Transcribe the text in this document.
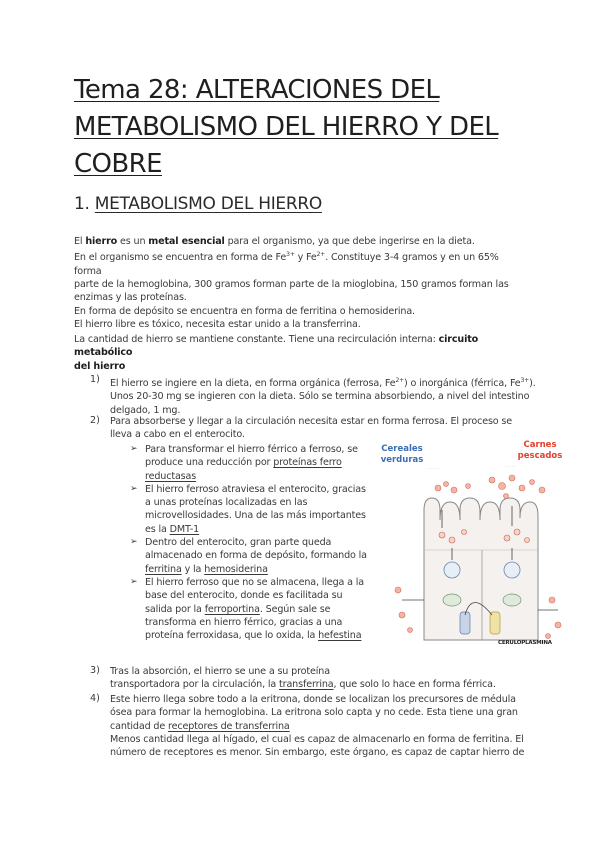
Tema 28: ALTERACIONES DEL METABOLISMO DEL HIERRO Y DEL COBRE
1. METABOLISMO DEL HIERRO
El hierro es un metal esencial para el organismo, ya que debe ingerirse en la dieta.
En el organismo se encuentra en forma de $Fe^{3+}$ y $Fe^{2+}$. Constituye 3-4 gramos y en un 65% forma
parte de la hemoglobina, 300 gramos forman parte de la mioglobina, 150 gramos forman las
enzimas y las proteínas.
En forma de depósito se encuentra en forma de ferritina o hemosiderina.
El hierro libre es tóxico, necesita estar unido a la transferrina.
La cantidad de hierro se mantiene constante. Tiene una recirculación interna: circuito metabólico
del hierro
1) El hierro se ingiere en la dieta, en forma orgánica (ferrosa, $Fe^{2+}$) o inorgánica (férrica, $Fe^{3+}$).
Unos 20-30 mg se ingieren con la dieta. Sólo se termina absorbiendo, a nivel del intestino
delgado, 1 mg.
2) Para absorberse y llegar a la circulación necesita estar en forma ferrosa. El proceso se
lleva a cabo en el enterocito.
➢ Para transformar el hierro férrico a ferroso, se produce una reducción por proteínas ferro reductasas
➢ El hierro ferroso atraviesa el enterocito, gracias a unas proteínas localizadas en las microvellosidades. Una de las más importantes es la DMT-1
➢ Dentro del enterocito, gran parte queda almacenado en forma de depósito, formando la ferritina y la hemosiderina
➢ El hierro ferroso que no se almacena, llega a la base del enterocito, donde es facilitada su salida por la ferroportina. Según sale se transforma en hierro férrico, gracias a una proteína ferroxidasa, que lo oxida, la hefestina
Cereales
verduras
Carnes
pescados
· · · · · ·	· · · · ·
CERULOPLASMINA
3) Tras la absorción, el hierro se une a su proteína
transportadora por la circulación, la transferrina, que solo lo hace en forma férrica.
4) Este hierro llega sobre todo a la eritrona, donde se localizan los precursores de médula
ósea para formar la hemoglobina. La eritrona solo capta y no cede. Esta tiene una gran
cantidad de receptores de transferrina
Menos cantidad llega al hígado, el cual es capaz de almacenarlo en forma de ferritina. El
número de receptores es menor. Sin embargo, este órgano, es capaz de captar hierro de
